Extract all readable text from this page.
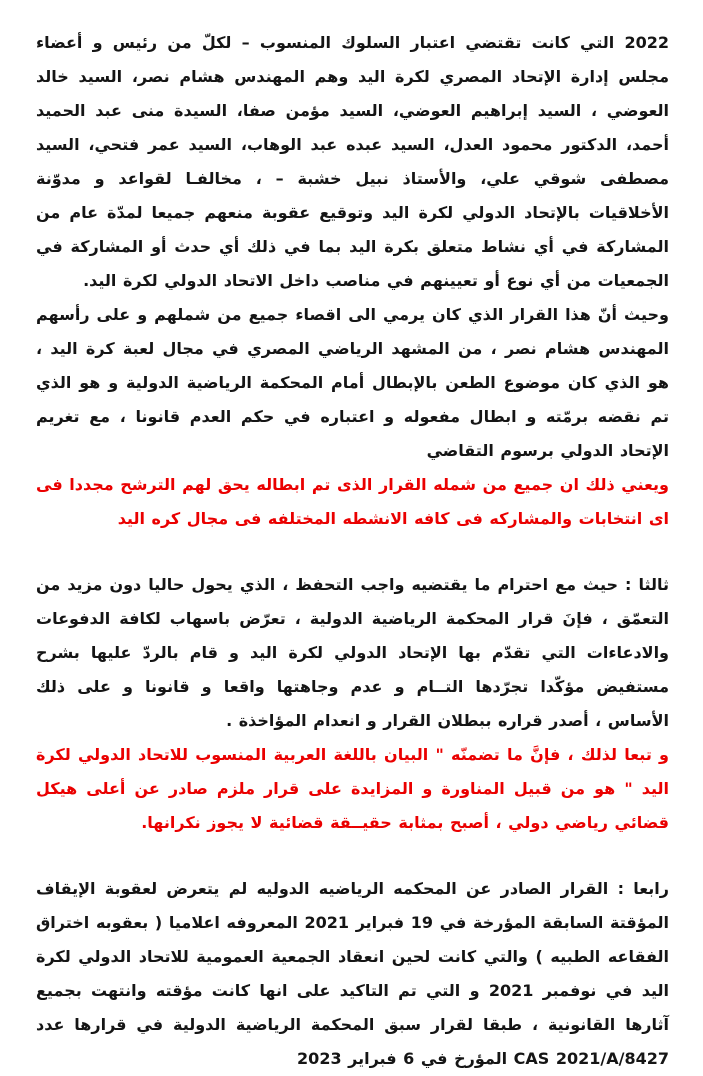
2022 التي كانت تقتضي اعتبار السلوك المنسوب – لكلّ من رئيس و أعضاء مجلس إدارة الإتحاد المصري لكرة اليد وهم المهندس هشام نصر، السيد خالد العوضي ، السيد إبراهيم العوضي، السيد مؤمن صفا، السيدة منى عبد الحميد أحمد، الدكتور محمود العدل، السيد عبده عبد الوهاب، السيد عمر فتحي، السيد مصطفى شوقي علي، والأستاذ نبيل خشبة – ، مخالفـا لقواعد و مدوّنة الأخلاقيات بالإتحاد الدولي لكرة اليد وتوقيع عقوبة منعهم جميعا لمدّة عام من المشاركة في أي نشاط متعلق بكرة اليد بما في ذلك أي حدث أو المشاركة في الجمعيات من أي نوع أو تعيينهم في مناصب داخل الاتحاد الدولي لكرة اليد.

وحيث أنّ هذا القرار الذي كان يرمي الى اقصاء جميع من شملهم و على رأسهم المهندس هشام نصر ، من المشهد الرياضي المصري في مجال لعبة كرة اليد ، هو الذي كان موضوع الطعن بالإبطال أمام المحكمة الرياضية الدولية و هو الذي تم نقضه برمّته و ابطال مفعوله و اعتباره في حكم العدم قانونا ، مع تغريم الإتحاد الدولي برسوم التقاضي

ويعني ذلك ان جميع من شمله القرار الذى تم ابطاله يحق لهم الترشح مجددا فى اى انتخابات والمشاركه فى كافه الانشطه المختلفه فى مجال كره اليد

ثالثا : حيث مع احترام ما يقتضيه واجب التحفظ ، الذي يحول حاليا دون مزيد من التعمّق ، فإنَ قرار المحكمة الرياضية الدولية ، تعرّض باسهاب لكافة الدفوعات والادعاءات التي تقدّم بها الإتحاد الدولي لكرة اليد و قام بالردّ عليها بشرح مستفيض مؤكّدا تجرّدها التــام و عدم وجاهتها واقعا و قانونا و على ذلك الأساس ، أصدر قراره ببطلان القرار و انعدام المؤاخذة .

و تبعا لذلك ، فإنَّ ما تضمنّه " البيان باللغة العربية المنسوب للاتحاد الدولي لكرة اليد " هو من قبيل المناورة و المزايدة على قرار ملزم صادر عن أعلى هيكل قضائي رياضي دولي ، أصبح بمثابة حقيــقة قضائية لا يجوز نكرانها.

رابعا : القرار الصادر عن المحكمه الرياضيه الدوليه لم يتعرض لعقوبة الإيقاف المؤقتة السابقة المؤرخة في 19 فبراير 2021 المعروفه اعلاميا ( بعقوبه اختراق الفقاعه الطبيه ) والتي كانت لحين انعقاد الجمعية العمومية للاتحاد الدولي لكرة اليد في نوفمبر 2021 و التي تم التاكيد على انها كانت مؤقته وانتهت بجميع آثارها القانونية ، طبقا لقرار سبق المحكمة الرياضية الدولية في قرارها عدد CAS 2021/A/8427 المؤرخ في 6 فبراير 2023
